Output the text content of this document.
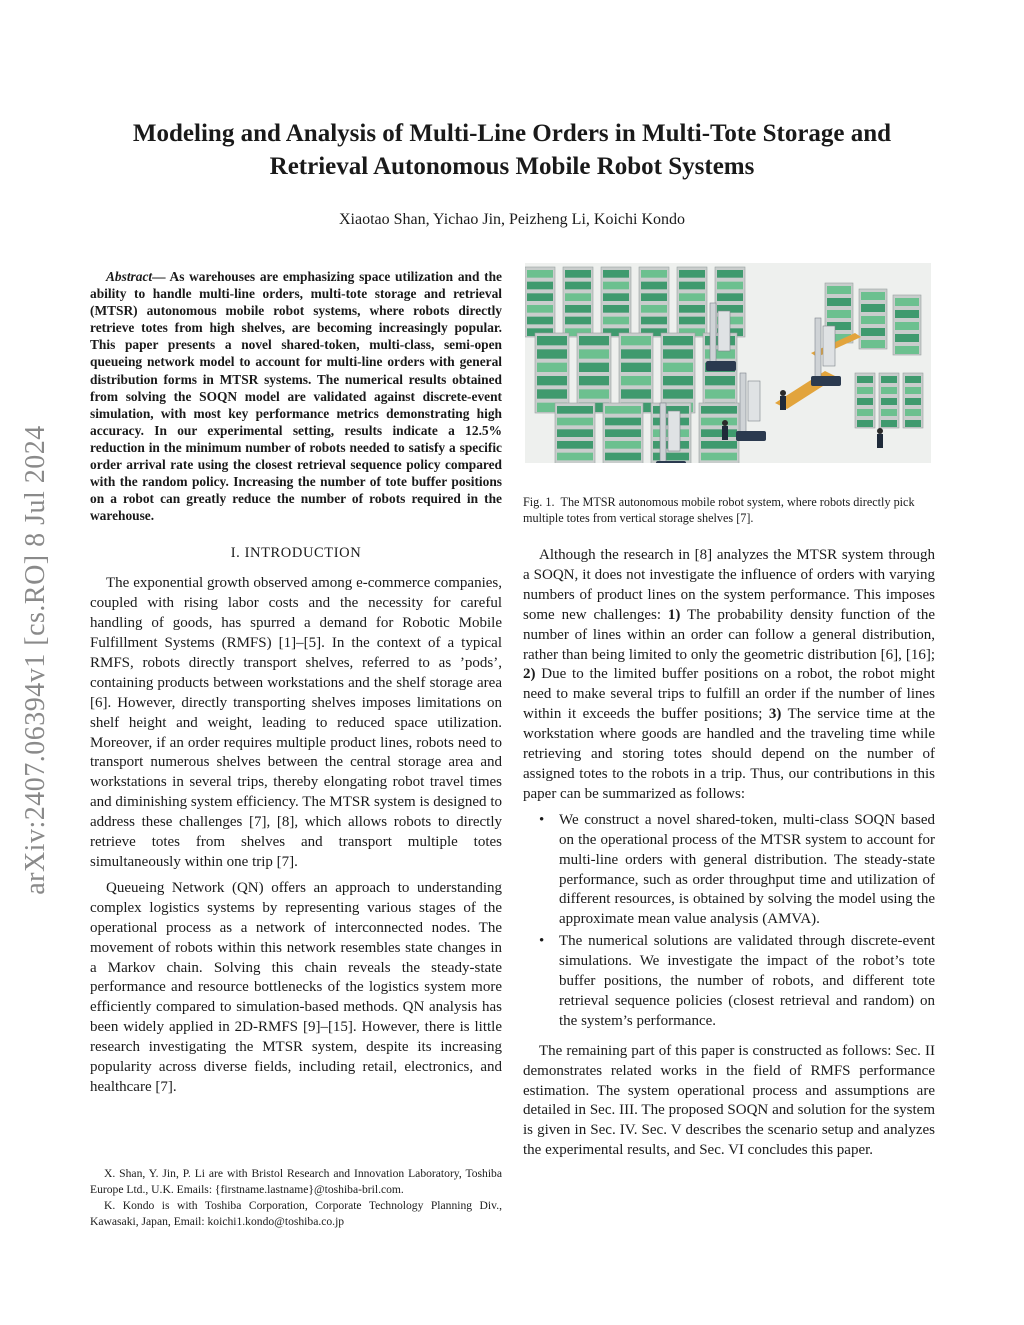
arXiv:2407.06394v1 [cs.RO] 8 Jul 2024
Modeling and Analysis of Multi-Line Orders in Multi-Tote Storage and
Retrieval Autonomous Mobile Robot Systems
Xiaotao Shan, Yichao Jin, Peizheng Li, Koichi Kondo

Abstract— As warehouses are emphasizing space utilization and the ability to handle multi-line orders, multi-tote storage and retrieval (MTSR) autonomous mobile robot systems, where robots directly retrieve totes from high shelves, are becoming increasingly popular. This paper presents a novel shared-token, multi-class, semi-open queueing network model to account for multi-line orders with general distribution forms in MTSR systems. The numerical results obtained from solving the SOQN model are validated against discrete-event simulation, with most key performance metrics demonstrating high accuracy. In our experimental setting, results indicate a 12.5% reduction in the minimum number of robots needed to satisfy a specific order arrival rate using the closest retrieval sequence policy compared with the random policy. Increasing the number of tote buffer positions on a robot can greatly reduce the number of robots required in the warehouse.

I. INTRODUCTION

The exponential growth observed among e-commerce companies, coupled with rising labor costs and the necessity for careful handling of goods, has spurred a demand for Robotic Mobile Fulfillment Systems (RMFS) [1]–[5]. In the context of a typical RMFS, robots directly transport shelves, referred to as ’pods’, containing products between workstations and the shelf storage area [6]. However, directly transporting shelves imposes limitations on shelf height and weight, leading to reduced space utilization. Moreover, if an order requires multiple product lines, robots need to transport numerous shelves between the central storage area and workstations in several trips, thereby elongating robot travel times and diminishing system efficiency. The MTSR system is designed to address these challenges [7], [8], which allows robots to directly retrieve totes from shelves and transport multiple totes simultaneously within one trip [7].

Queueing Network (QN) offers an approach to understanding complex logistics systems by representing various stages of the operational process as a network of interconnected nodes. The movement of robots within this network resembles state changes in a Markov chain. Solving this chain reveals the steady-state performance and resource bottlenecks of the logistics system more efficiently compared to simulation-based methods. QN analysis has been widely applied in 2D-RMFS [9]–[15]. However, there is little research investigating the MTSR system, despite its increasing popularity across diverse fields, including retail, electronics, and healthcare [7].

X. Shan, Y. Jin, P. Li are with Bristol Research and Innovation Laboratory, Toshiba Europe Ltd., U.K. Emails: {firstname.lastname}@toshiba-bril.com.

K. Kondo is with Toshiba Corporation, Corporate Technology Planning Div., Kawasaki, Japan, Email: koichi1.kondo@toshiba.co.jp

Fig. 1. The MTSR autonomous mobile robot system, where robots directly pick multiple totes from vertical storage shelves [7].

Although the research in [8] analyzes the MTSR system through a SOQN, it does not investigate the influence of orders with varying numbers of product lines on the system performance. This imposes some new challenges: 1) The probability density function of the number of lines within an order can follow a general distribution, rather than being limited to only the geometric distribution [6], [16]; 2) Due to the limited buffer positions on a robot, the robot might need to make several trips to fulfill an order if the number of lines within it exceeds the buffer positions; 3) The service time at the workstation where goods are handled and the traveling time while retrieving and storing totes should depend on the number of assigned totes to the robots in a trip. Thus, our contributions in this paper can be summarized as follows:

• We construct a novel shared-token, multi-class SOQN based on the operational process of the MTSR system to account for multi-line orders with general distribution. The steady-state performance, such as order throughput time and utilization of different resources, is obtained by solving the model using the approximate mean value analysis (AMVA).
• The numerical solutions are validated through discrete-event simulations. We investigate the impact of the robot’s tote buffer positions, the number of robots, and different tote retrieval sequence policies (closest retrieval and random) on the system’s performance.

The remaining part of this paper is constructed as follows: Sec. II demonstrates related works in the field of RMFS performance estimation. The system operational process and assumptions are detailed in Sec. III. The proposed SOQN and solution for the system is given in Sec. IV. Sec. V describes the scenario setup and analyzes the experimental results, and Sec. VI concludes this paper.
